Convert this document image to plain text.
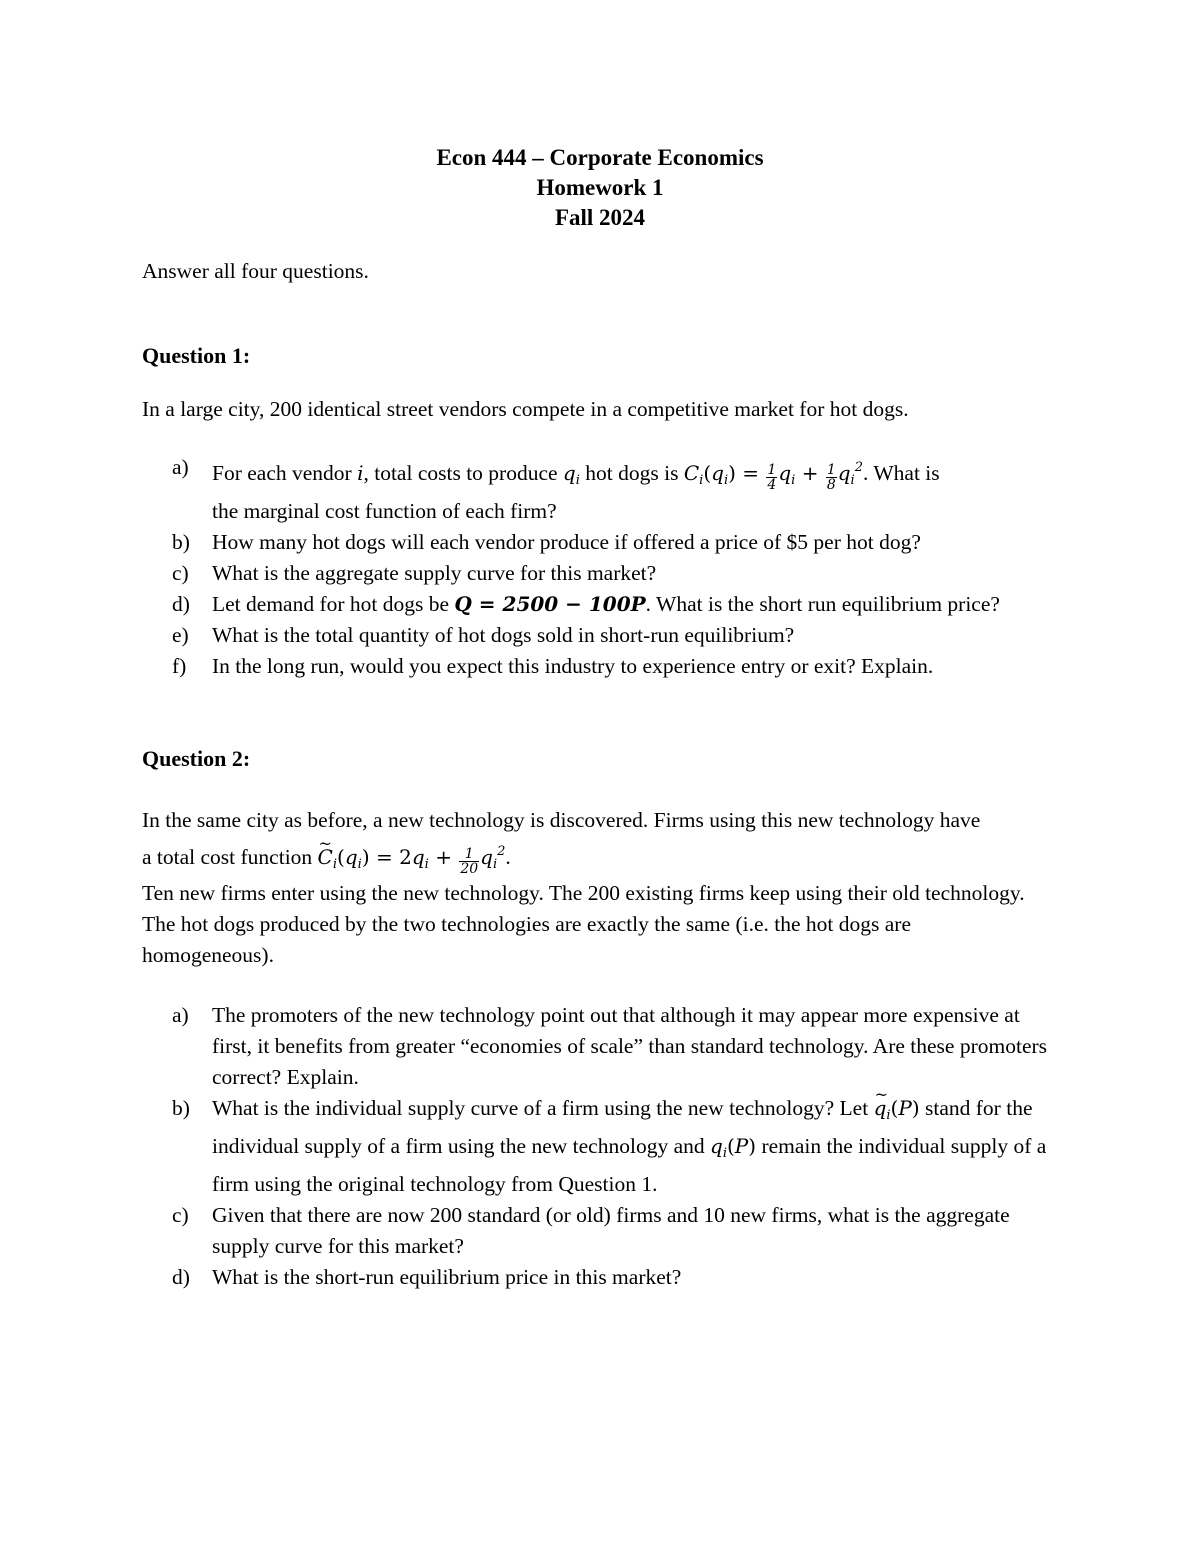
Econ 444 – Corporate Economics
Homework 1
Fall 2024
Answer all four questions.
Question 1:
In a large city, 200 identical street vendors compete in a competitive market for hot dogs.
a) For each vendor i, total costs to produce $q_i$ hot dogs is $C_i(q_i) = \frac{1}{4} q_i + \frac{1}{8} q_i^2$. What is
the marginal cost function of each firm?
b) How many hot dogs will each vendor produce if offered a price of $5 per hot dog?
c) What is the aggregate supply curve for this market?
d) Let demand for hot dogs be Q = 2500 − 100P. What is the short run equilibrium price?
e) What is the total quantity of hot dogs sold in short-run equilibrium?
f) In the long run, would you expect this industry to experience entry or exit? Explain.
Question 2:
In the same city as before, a new technology is discovered. Firms using this new technology have
a total cost function C $\sim_i(q_i) = 2q_i + \frac{1}{20} q_i^2$.
Ten new firms enter using the new technology. The 200 existing firms keep using their old technology. The hot dogs produced by the two technologies are exactly the same (i.e. the hot dogs are homogeneous).
a) The promoters of the new technology point out that although it may appear more expensive at first, it benefits from greater “economies of scale” than standard technology. Are these promoters correct? Explain.
b) What is the individual supply curve of a firm using the new technology? Let q $\sim_i(P)$ stand for the individual supply of a firm using the new technology and $q_i(P)$ remain the individual supply of a firm using the original technology from Question 1.
c) Given that there are now 200 standard (or old) firms and 10 new firms, what is the aggregate supply curve for this market?
d) What is the short-run equilibrium price in this market?
